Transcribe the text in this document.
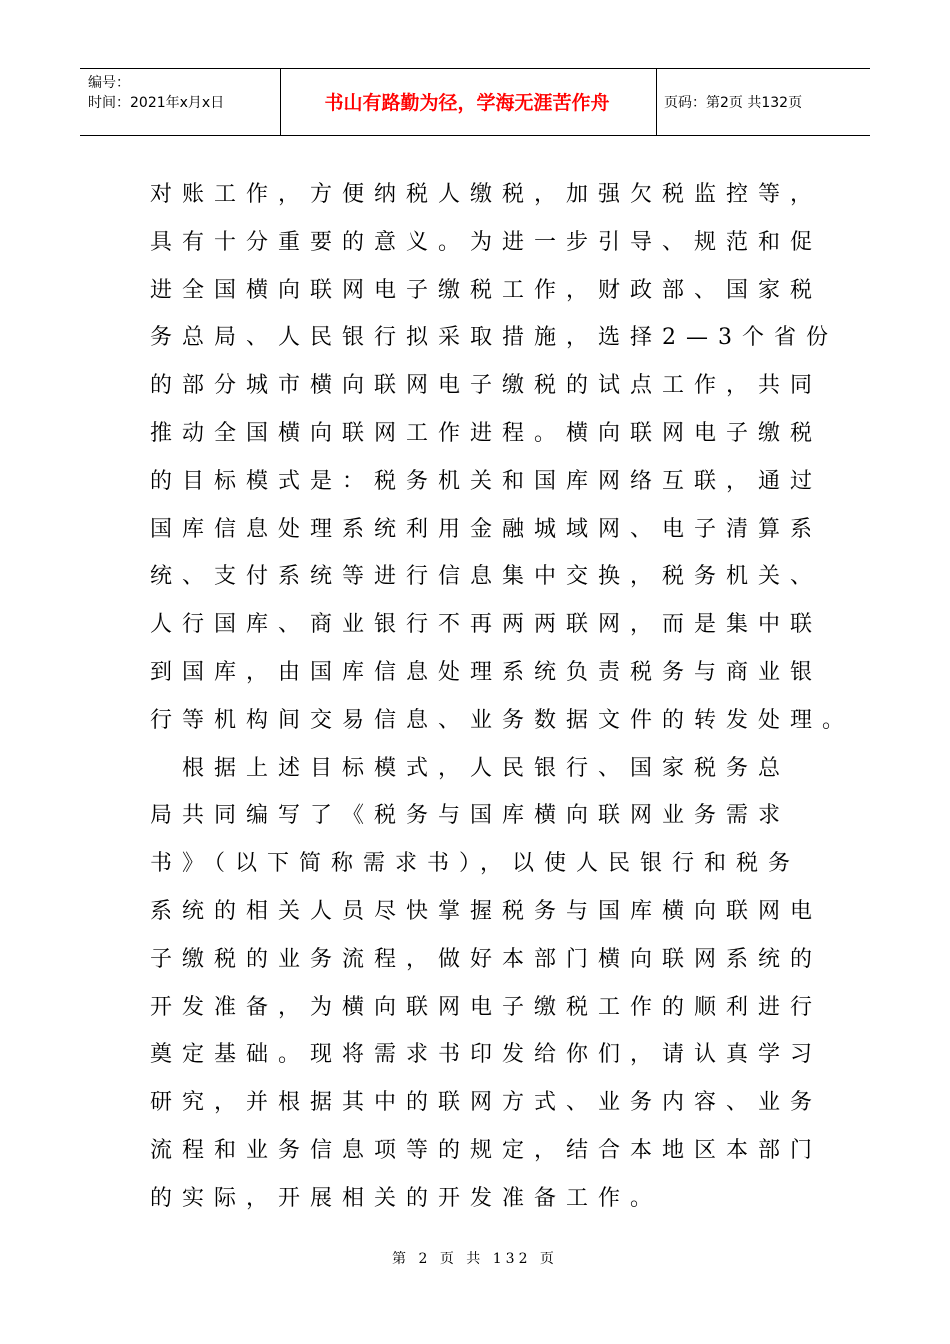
编号：
时间：2021年x月x日	书山有路勤为径，学海无涯苦作舟	页码：第2页 共132页
对账工作，方便纳税人缴税，加强欠税监控等，
具有十分重要的意义。为进一步引导、规范和促
进全国横向联网电子缴税工作，财政部、国家税
务总局、人民银行拟采取措施，选择2—3个省份
的部分城市横向联网电子缴税的试点工作，共同
推动全国横向联网工作进程。横向联网电子缴税
的目标模式是：税务机关和国库网络互联，通过
国库信息处理系统利用金融城域网、电子清算系
统、支付系统等进行信息集中交换，税务机关、
人行国库、商业银行不再两两联网，而是集中联
到国库，由国库信息处理系统负责税务与商业银
行等机构间交易信息、业务数据文件的转发处理。
　根据上述目标模式，人民银行、国家税务总
局共同编写了《税务与国库横向联网业务需求
书》（以下简称需求书），以使人民银行和税务
系统的相关人员尽快掌握税务与国库横向联网电
子缴税的业务流程，做好本部门横向联网系统的
开发准备，为横向联网电子缴税工作的顺利进行
奠定基础。现将需求书印发给你们，请认真学习
研究，并根据其中的联网方式、业务内容、业务
流程和业务信息项等的规定，结合本地区本部门
的实际，开展相关的开发准备工作。
第 2 页 共 132 页
